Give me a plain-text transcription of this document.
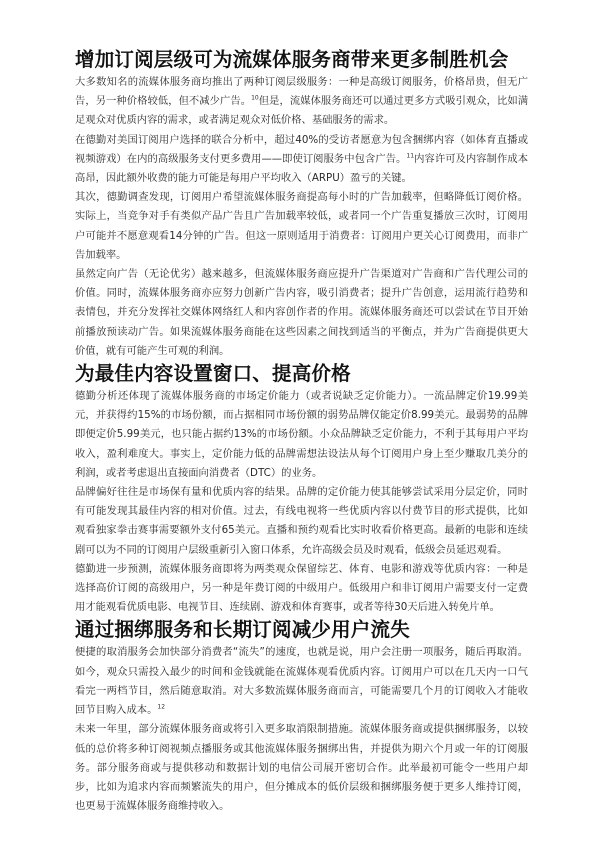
增加订阅层级可为流媒体服务商带来更多制胜机会

大多数知名的流媒体服务商均推出了两种订阅层级服务：一种是高级订阅服务，价格昂贵，但无广告，另一种价格较低，但不减少广告。$^{10}$但是，流媒体服务商还可以通过更多方式吸引观众，比如满足观众对优质内容的需求，或者满足观众对低价格、基础服务的需求。

在德勤对美国订阅用户选择的联合分析中，超过40%的受访者愿意为包含捆绑内容（如体育直播或视频游戏）在内的高级服务支付更多费用——即使订阅服务中包含广告。$^{11}$内容许可及内容制作成本高昂，因此额外收费的能力可能是每用户平均收入（ARPU）盈亏的关键。

其次，德勤调查发现，订阅用户希望流媒体服务商提高每小时的广告加载率，但略降低订阅价格。实际上，当竞争对手有类似产品广告且广告加载率较低，或者同一个广告重复播放三次时，订阅用户可能并不愿意观看14分钟的广告。但这一原则适用于消费者：订阅用户更关心订阅费用，而非广告加载率。

虽然定向广告（无论优劣）越来越多，但流媒体服务商应提升广告渠道对广告商和广告代理公司的价值。同时，流媒体服务商亦应努力创新广告内容，吸引消费者；提升广告创意，运用流行趋势和表情包，并充分发挥社交媒体网络红人和内容创作者的作用。流媒体服务商还可以尝试在节目开始前播放预读动广告。如果流媒体服务商能在这些因素之间找到适当的平衡点，并为广告商提供更大价值，就有可能产生可观的利润。

为最佳内容设置窗口、提高价格

德勤分析还体现了流媒体服务商的市场定价能力（或者说缺乏定价能力）。一流品牌定价19.99美元，并获得约15%的市场份额，而占据相同市场份额的弱势品牌仅能定价8.99美元。最弱势的品牌即便定价5.99美元，也只能占据约13%的市场份额。小众品牌缺乏定价能力，不利于其每用户平均收入，盈利难度大。事实上，定价能力低的品牌需想法设法从每个订阅用户身上至少赚取几美分的利润，或者考虑退出直接面向消费者（DTC）的业务。

品牌偏好往往是市场保有量和优质内容的结果。品牌的定价能力使其能够尝试采用分层定价，同时有可能发现其最佳内容的相对价值。过去，有线电视将一些优质内容以付费节目的形式提供，比如观看独家拳击赛事需要额外支付65美元。直播和预约观看比实时收看价格更高。最新的电影和连续剧可以为不同的订阅用户层级重新引入窗口体系，允许高级会员及时观看，低级会员延迟观看。

德勤进一步预测，流媒体服务商即将为两类观众保留综艺、体育、电影和游戏等优质内容：一种是选择高价订阅的高级用户，另一种是年费订阅的中级用户。低级用户和非订阅用户需要支付一定费用才能观看优质电影、电视节目、连续剧、游戏和体育赛事，或者等待30天后进入转免片单。

通过捆绑服务和长期订阅减少用户流失

便捷的取消服务会加快部分消费者“流失”的速度，也就是说，用户会注册一项服务，随后再取消。如今，观众只需投入最少的时间和金钱就能在流媒体观看优质内容。订阅用户可以在几天内一口气看完一两档节目，然后随意取消。对大多数流媒体服务商而言，可能需要几个月的订阅收入才能收回节目购入成本。$^{12}$

未来一年里，部分流媒体服务商或将引入更多取消限制措施。流媒体服务商或提供捆绑服务，以较低的总价将多种订阅视频点播服务或其他流媒体服务捆绑出售，并提供为期六个月或一年的订阅服务。部分服务商或与提供移动和数据计划的电信公司展开密切合作。此举最初可能令一些用户却步，比如为追求内容而频繁流失的用户，但分摊成本的低价层级和捆绑服务便于更多人维持订阅，也更易于流媒体服务商维持收入。
